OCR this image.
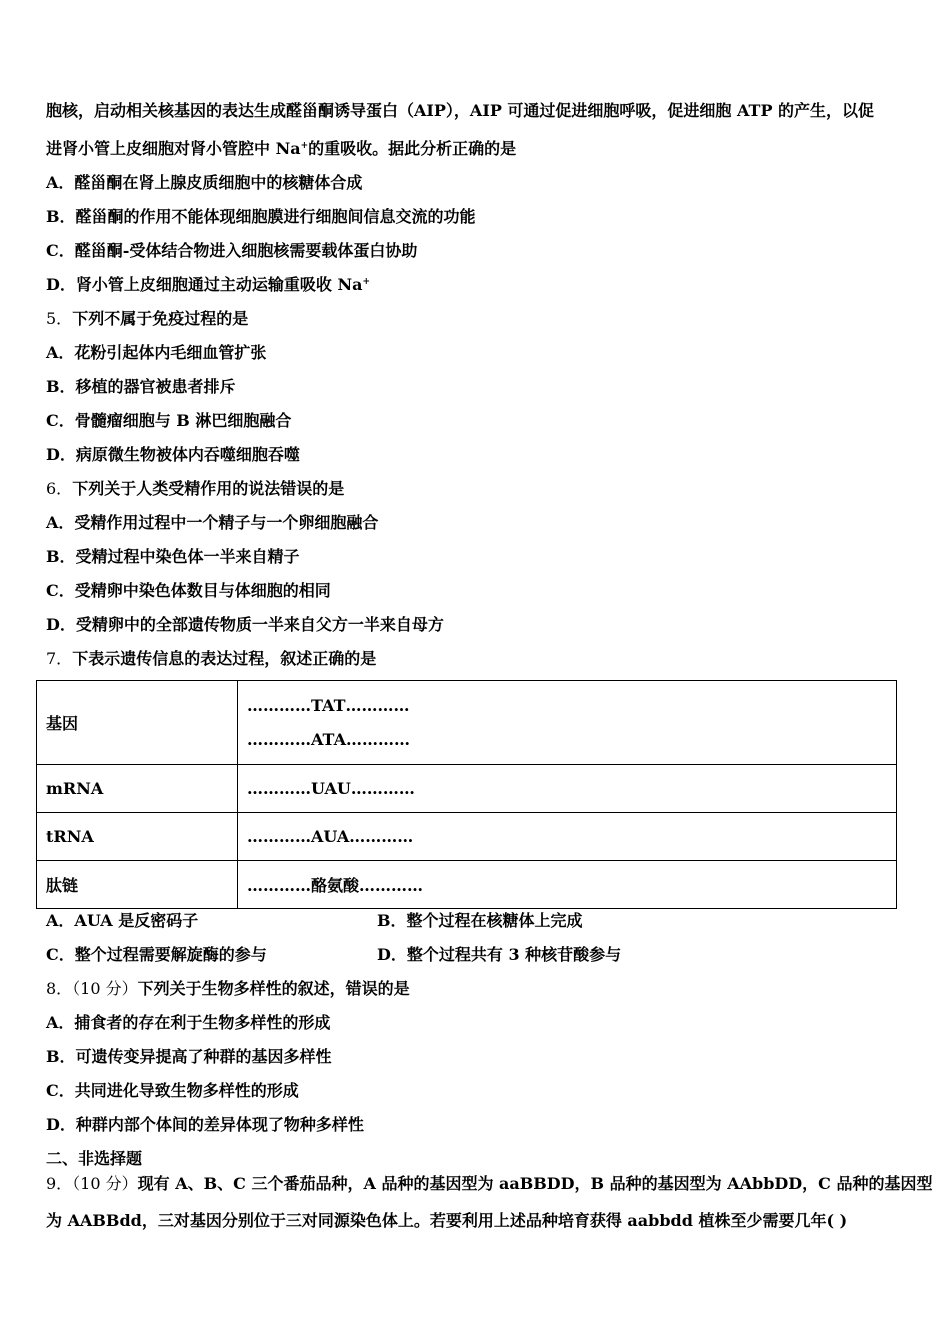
胞核，启动相关核基因的表达生成醛甾酮诱导蛋白（AIP），AIP 可通过促进细胞呼吸，促进细胞 ATP 的产生，以促
进肾小管上皮细胞对肾小管腔中 Na+的重吸收。据此分析正确的是
A．醛甾酮在肾上腺皮质细胞中的核糖体合成
B．醛甾酮的作用不能体现细胞膜进行细胞间信息交流的功能
C．醛甾酮-受体结合物进入细胞核需要载体蛋白协助
D．肾小管上皮细胞通过主动运输重吸收 Na+
5．下列不属于免疫过程的是
A．花粉引起体内毛细血管扩张
B．移植的器官被患者排斥
C．骨髓瘤细胞与 B 淋巴细胞融合
D．病原微生物被体内吞噬细胞吞噬
6．下列关于人类受精作用的说法错误的是
A．受精作用过程中一个精子与一个卵细胞融合
B．受精过程中染色体一半来自精子
C．受精卵中染色体数目与体细胞的相同
D．受精卵中的全部遗传物质一半来自父方一半来自母方
7．下表示遗传信息的表达过程，叙述正确的是
基因	…………TAT…………
…………ATA…………

mRNA	…………UAU…………
tRNA	…………AUA…………
肽链	…………酪氨酸…………
A．AUA 是反密码子	B．整个过程在核糖体上完成
C．整个过程需要解旋酶的参与	D．整个过程共有 3 种核苷酸参与
8．（10 分）下列关于生物多样性的叙述，错误的是
A．捕食者的存在利于生物多样性的形成
B．可遗传变异提高了种群的基因多样性
C．共同进化导致生物多样性的形成
D．种群内部个体间的差异体现了物种多样性
二、非选择题
9．（10 分）现有 A、B、C 三个番茄品种，A 品种的基因型为 aaBBDD，B 品种的基因型为 AAbbDD，C 品种的基因型
为 AABBdd，三对基因分别位于三对同源染色体上。若要利用上述品种培育获得 aabbdd 植株至少需要几年( )
